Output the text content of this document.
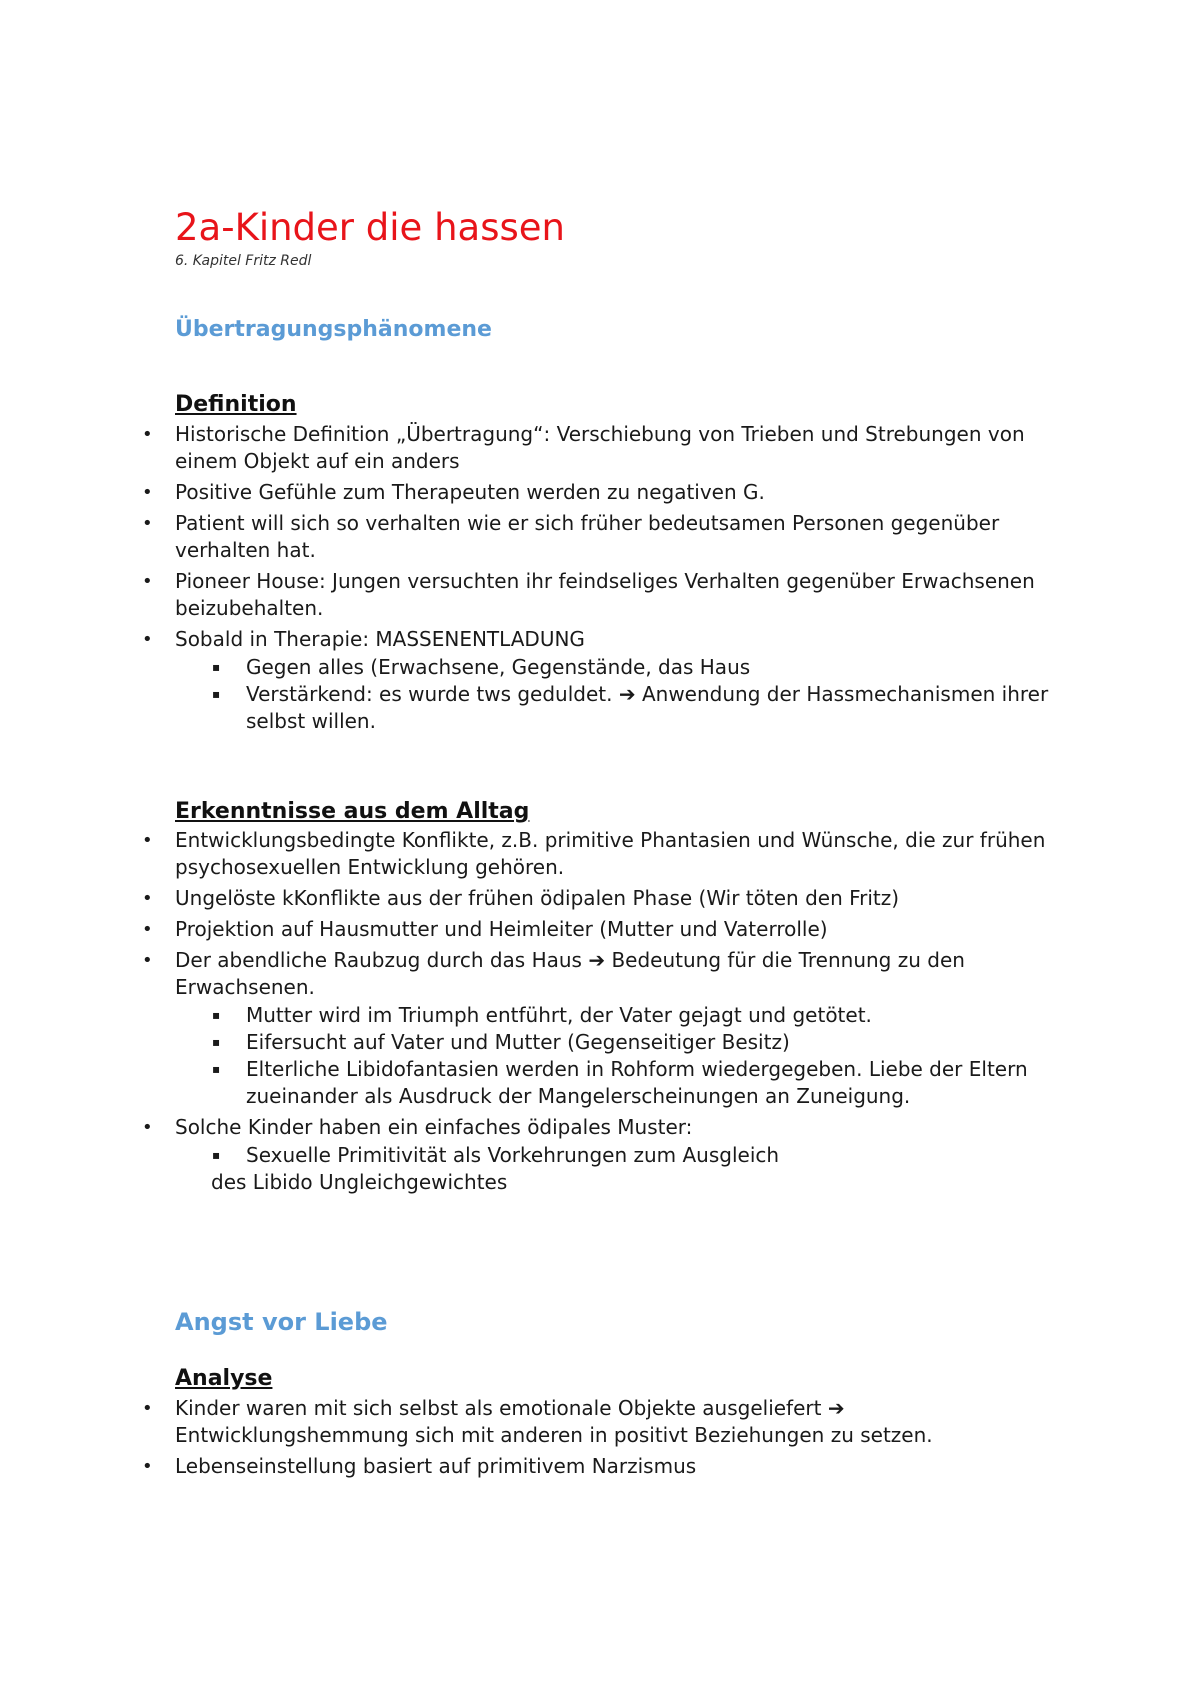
2a-Kinder die hassen
6. Kapitel Fritz Redl
Übertragungsphänomene
Definition
• Historische Definition „Übertragung“: Verschiebung von Trieben und Strebungen von einem Objekt auf ein anders
• Positive Gefühle zum Therapeuten werden zu negativen G.
• Patient will sich so verhalten wie er sich früher bedeutsamen Personen gegenüber verhalten hat.
• Pioneer House: Jungen versuchten ihr feindseliges Verhalten gegenüber Erwachsenen beizubehalten.
• Sobald in Therapie: MASSENENTLADUNG
▪ Gegen alles (Erwachsene, Gegenstände, das Haus
▪ Verstärkend: es wurde tws geduldet. ➔ Anwendung der Hassmechanismen ihrer selbst willen.
Erkenntnisse aus dem Alltag
• Entwicklungsbedingte Konflikte, z.B. primitive Phantasien und Wünsche, die zur frühen psychosexuellen Entwicklung gehören.
• Ungelöste kKonflikte aus der frühen ödipalen Phase (Wir töten den Fritz)
• Projektion auf Hausmutter und Heimleiter (Mutter und Vaterrolle)
• Der abendliche Raubzug durch das Haus ➔ Bedeutung für die Trennung zu den Erwachsenen.
▪ Mutter wird im Triumph entführt, der Vater gejagt und getötet.
▪ Eifersucht auf Vater und Mutter (Gegenseitiger Besitz)
▪ Elterliche Libidofantasien werden in Rohform wiedergegeben. Liebe der Eltern zueinander als Ausdruck der Mangelerscheinungen an Zuneigung.
• Solche Kinder haben ein einfaches ödipales Muster:
▪ Sexuelle Primitivität als Vorkehrungen zum Ausgleich
des Libido Ungleichgewichtes
Angst vor Liebe
Analyse
• Kinder waren mit sich selbst als emotionale Objekte ausgeliefert ➔ Entwicklungshemmung sich mit anderen in positivt Beziehungen zu setzen.
• Lebenseinstellung basiert auf primitivem Narzismus
